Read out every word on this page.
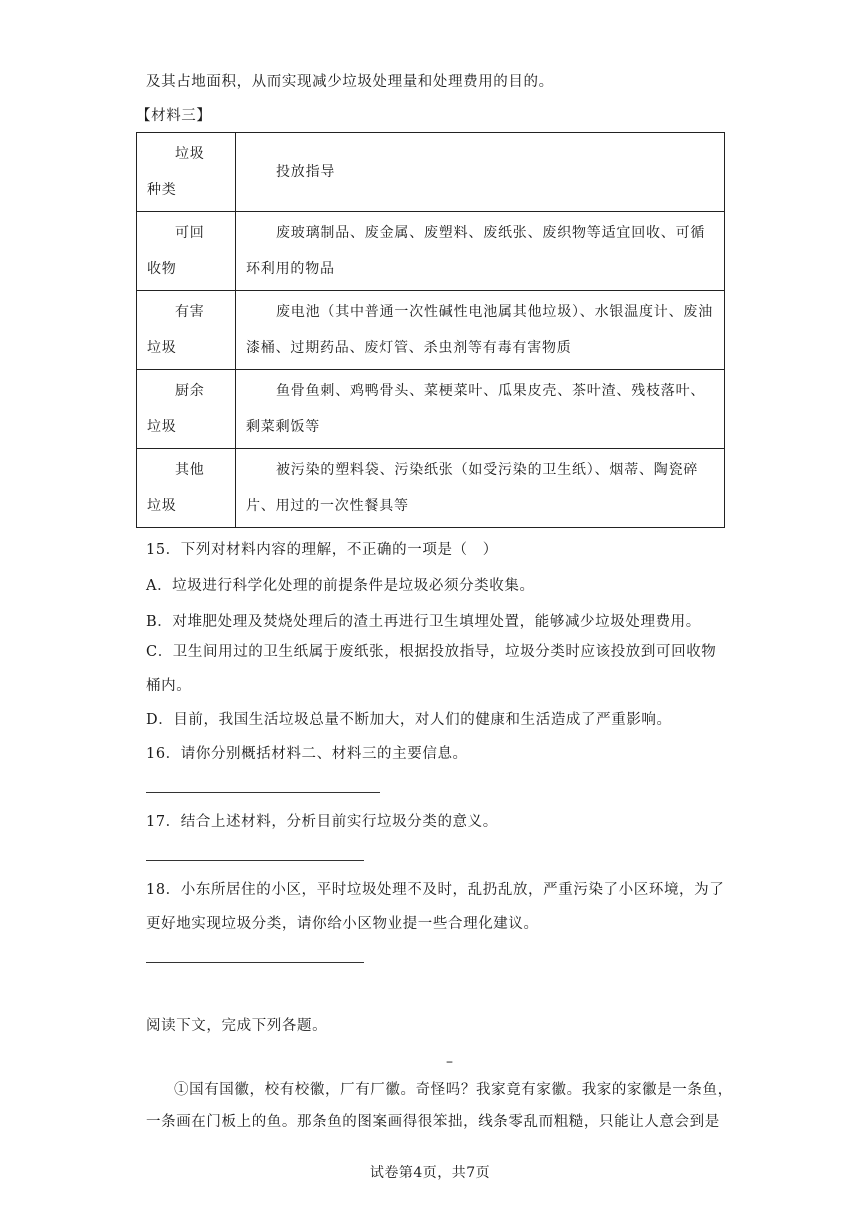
及其占地面积，从而实现减少垃圾处理量和处理费用的目的。
【材料三】
垃圾
种类	投放指导

可回
收物	废玻璃制品、废金属、废塑料、废纸张、废织物等适宜回收、可循环利用的物品

有害
垃圾	废电池（其中普通一次性碱性电池属其他垃圾）、水银温度计、废油漆桶、过期药品、废灯管、杀虫剂等有毒有害物质

厨余
垃圾	鱼骨鱼刺、鸡鸭骨头、菜梗菜叶、瓜果皮壳、茶叶渣、残枝落叶、剩菜剩饭等

其他
垃圾	被污染的塑料袋、污染纸张（如受污染的卫生纸）、烟蒂、陶瓷碎片、用过的一次性餐具等
15．下列对材料内容的理解，不正确的一项是（　）
A．垃圾进行科学化处理的前提条件是垃圾必须分类收集。
B．对堆肥处理及焚烧处理后的渣土再进行卫生填埋处置，能够减少垃圾处理费用。
C．卫生间用过的卫生纸属于废纸张，根据投放指导，垃圾分类时应该投放到可回收物
桶内。
D．目前，我国生活垃圾总量不断加大，对人们的健康和生活造成了严重影响。
16．请你分别概括材料二、材料三的主要信息。
17．结合上述材料，分析目前实行垃圾分类的意义。
18．小东所居住的小区，平时垃圾处理不及时，乱扔乱放，严重污染了小区环境，为了
更好地实现垃圾分类，请你给小区物业提一些合理化建议。
阅读下文，完成下列各题。
–
①国有国徽，校有校徽，厂有厂徽。奇怪吗？我家竟有家徽。我家的家徽是一条鱼，
一条画在门板上的鱼。那条鱼的图案画得很笨拙，线条零乱而粗糙，只能让人意会到是
试卷第4页，共7页
